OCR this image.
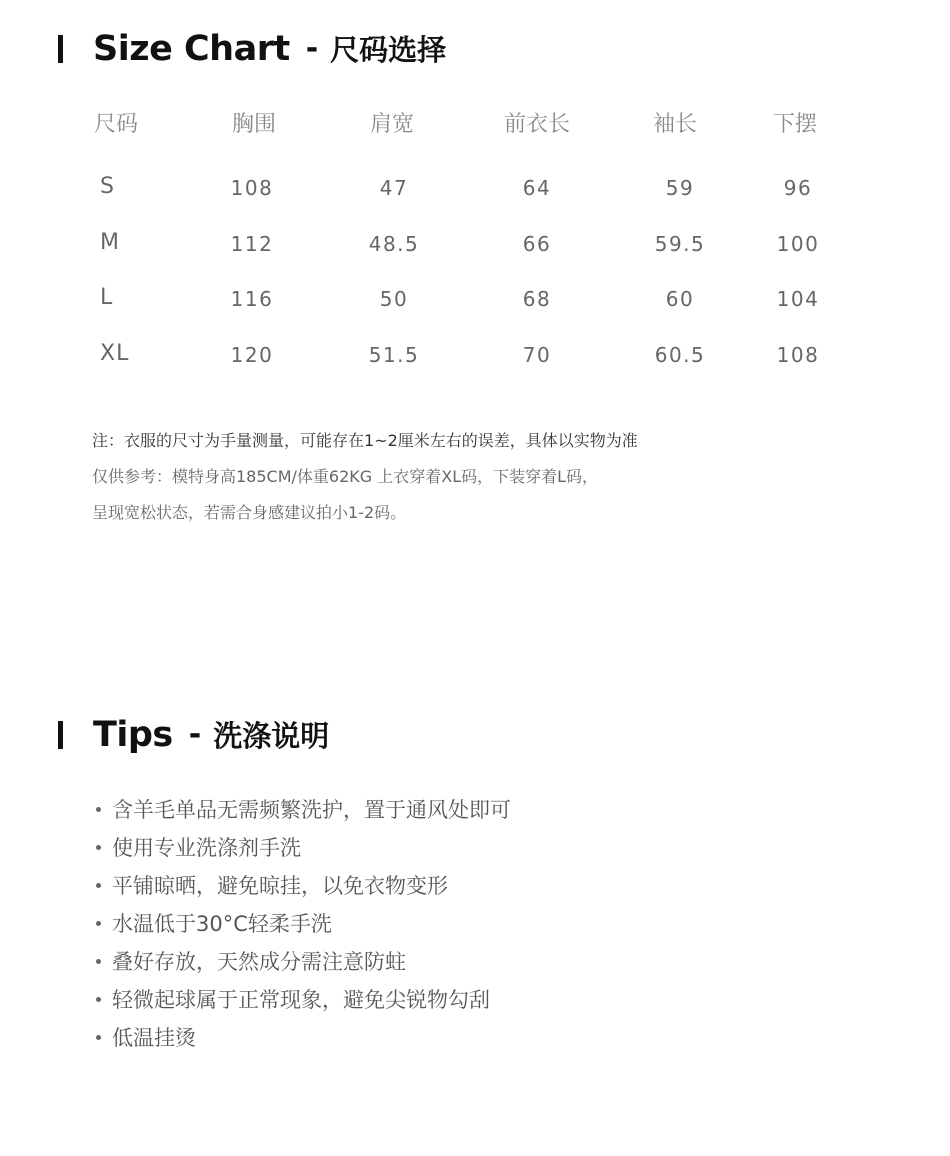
Size Chart - 尺码选择
尺码	胸围	肩宽	前衣长	袖长	下摆
S	108	47	64	59	96
M	112	48.5	66	59.5	100
L	116	50	68	60	104
XL	120	51.5	70	60.5	108
注：衣服的尺寸为手量测量，可能存在1~2厘米左右的误差，具体以实物为准
仅供参考：模特身高185CM/体重62KG 上衣穿着XL码，下装穿着L码，
呈现宽松状态，若需合身感建议拍小1-2码。
Tips - 洗涤说明
含羊毛单品无需频繁洗护，置于通风处即可
使用专业洗涤剂手洗
平铺晾晒，避免晾挂，以免衣物变形
水温低于30°C轻柔手洗
叠好存放，天然成分需注意防蛀
轻微起球属于正常现象，避免尖锐物勾刮
低温挂烫
